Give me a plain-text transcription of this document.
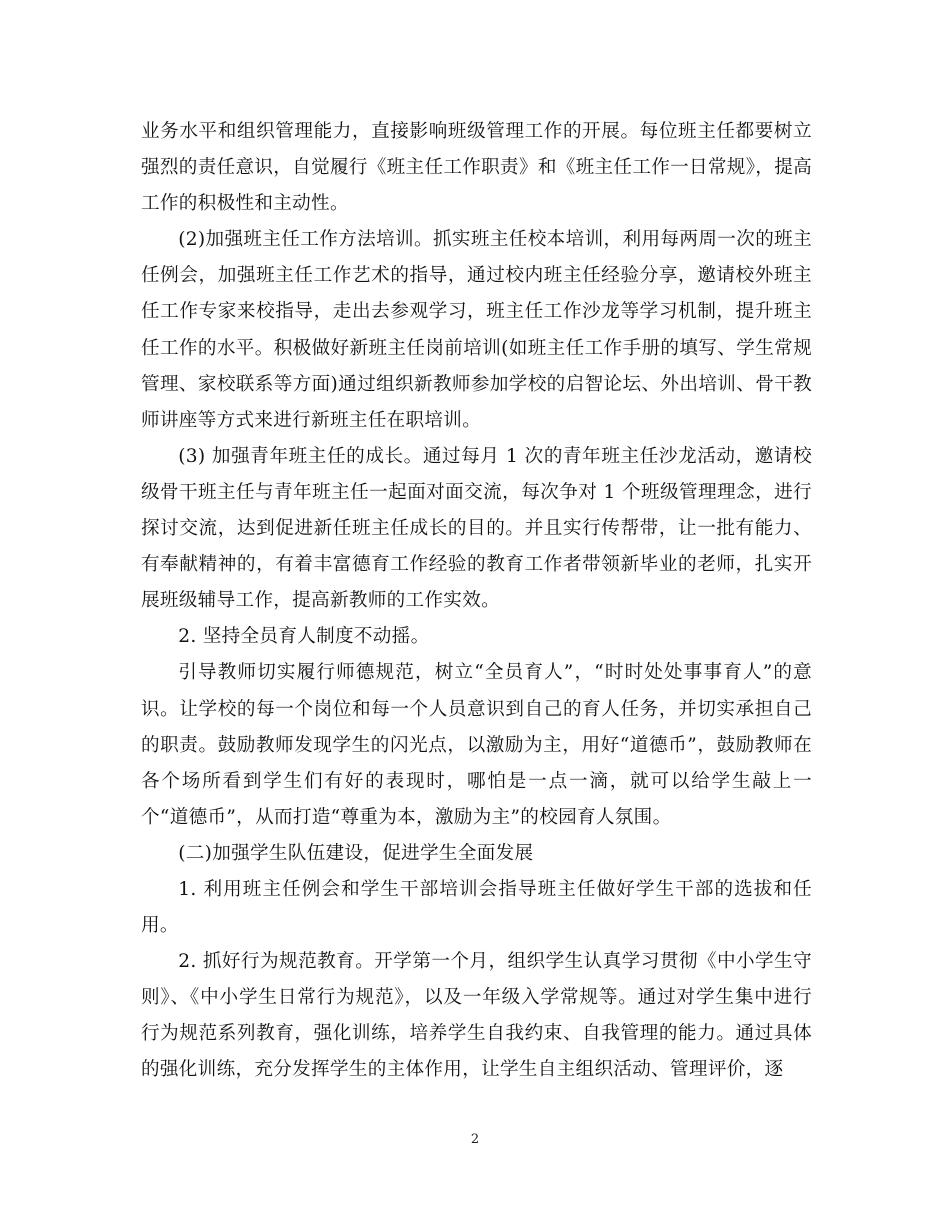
业务水平和组织管理能力，直接影响班级管理工作的开展。每位班主任都要树立强烈的责任意识，自觉履行《班主任工作职责》和《班主任工作一日常规》，提高工作的积极性和主动性。

(2)加强班主任工作方法培训。抓实班主任校本培训，利用每两周一次的班主任例会，加强班主任工作艺术的指导，通过校内班主任经验分享，邀请校外班主任工作专家来校指导，走出去参观学习，班主任工作沙龙等学习机制，提升班主任工作的水平。积极做好新班主任岗前培训(如班主任工作手册的填写、学生常规管理、家校联系等方面)通过组织新教师参加学校的启智论坛、外出培训、骨干教师讲座等方式来进行新班主任在职培训。

(3) 加强青年班主任的成长。通过每月 1 次的青年班主任沙龙活动，邀请校级骨干班主任与青年班主任一起面对面交流，每次争对 1 个班级管理理念，进行探讨交流，达到促进新任班主任成长的目的。并且实行传帮带，让一批有能力、有奉献精神的，有着丰富德育工作经验的教育工作者带领新毕业的老师，扎实开展班级辅导工作，提高新教师的工作实效。

2. 坚持全员育人制度不动摇。

引导教师切实履行师德规范，树立“全员育人”，“时时处处事事育人”的意识。让学校的每一个岗位和每一个人员意识到自己的育人任务，并切实承担自己的职责。鼓励教师发现学生的闪光点，以激励为主，用好“道德币”，鼓励教师在各个场所看到学生们有好的表现时，哪怕是一点一滴，就可以给学生敲上一个“道德币”，从而打造“尊重为本，激励为主”的校园育人氛围。

(二)加强学生队伍建设，促进学生全面发展

1. 利用班主任例会和学生干部培训会指导班主任做好学生干部的选拔和任用。

2. 抓好行为规范教育。开学第一个月，组织学生认真学习贯彻《中小学生守则》、《中小学生日常行为规范》，以及一年级入学常规等。通过对学生集中进行行为规范系列教育，强化训练，培养学生自我约束、自我管理的能力。通过具体的强化训练，充分发挥学生的主体作用，让学生自主组织活动、管理评价，逐

2
